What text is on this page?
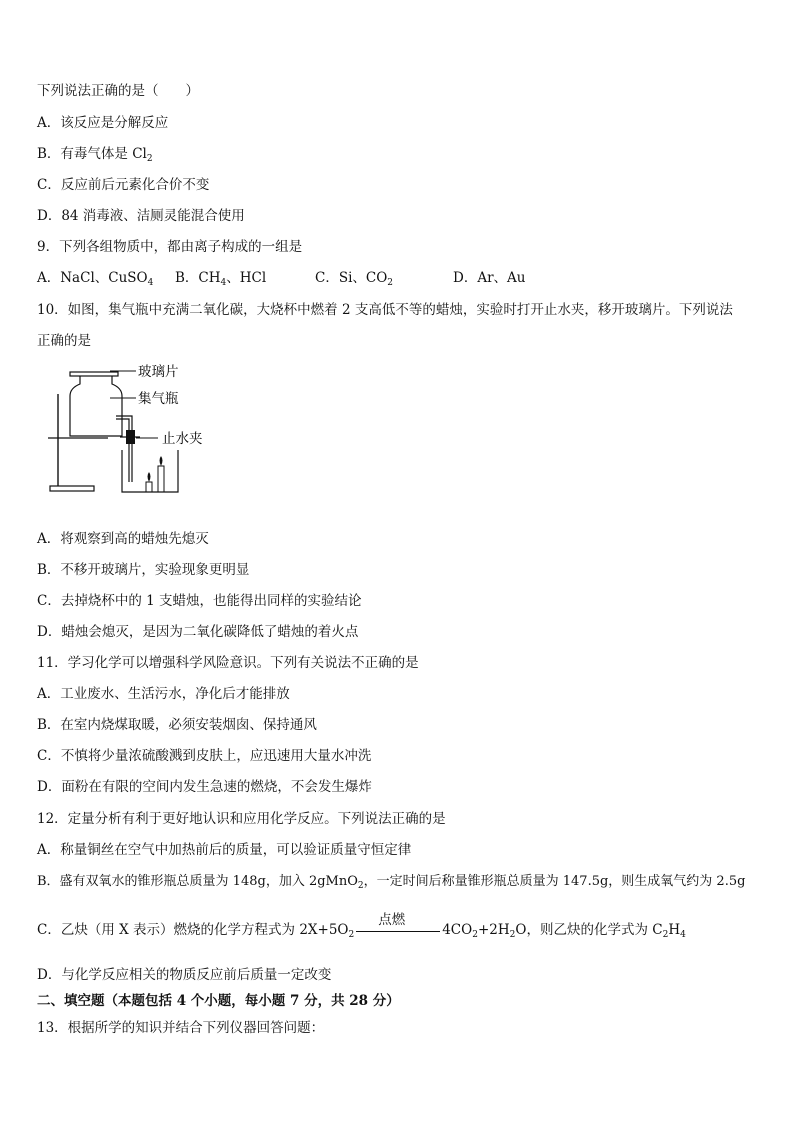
下列说法正确的是（　　）
A．该反应是分解反应
B．有毒气体是 $Cl_2$
C．反应前后元素化合价不变
D．84 消毒液、洁厕灵能混合使用
9．下列各组物质中，都由离子构成的一组是
A．NaCl、CuSO$_4$ B．$CH_4$、HCl	C．Si、$CO_2$	D．Ar、Au
10．如图，集气瓶中充满二氧化碳，大烧杯中燃着 2 支高低不等的蜡烛，实验时打开止水夹，移开玻璃片。下列说法
正确的是
玻璃片
集气瓶
止水夹
A．将观察到高的蜡烛先熄灭
B．不移开玻璃片，实验现象更明显
C．去掉烧杯中的 1 支蜡烛，也能得出同样的实验结论
D．蜡烛会熄灭，是因为二氧化碳降低了蜡烛的着火点
11．学习化学可以增强科学风险意识。下列有关说法不正确的是
A．工业废水、生活污水，净化后才能排放
B．在室内烧煤取暖，必须安装烟囱、保持通风
C．不慎将少量浓硫酸溅到皮肤上，应迅速用大量水冲洗
D．面粉在有限的空间内发生急速的燃烧，不会发生爆炸
12．定量分析有利于更好地认识和应用化学反应。下列说法正确的是
A．称量铜丝在空气中加热前后的质量，可以验证质量守恒定律
B．盛有双氧水的锥形瓶总质量为 148g，加入 2gMnO$_2$，一定时间后称量锥形瓶总质量为 147.5g，则生成氧气约为 2.5g
C．乙炔（用 X 表示）燃烧的化学方程式为 $2X+5O_2$
点燃
$4CO_2+2H_2O$，则乙炔的化学式为 $C_2H_4$
D．与化学反应相关的物质反应前后质量一定改变
二、填空题（本题包括 4 个小题，每小题 7 分，共 28 分）
13．根据所学的知识并结合下列仪器回答问题：
